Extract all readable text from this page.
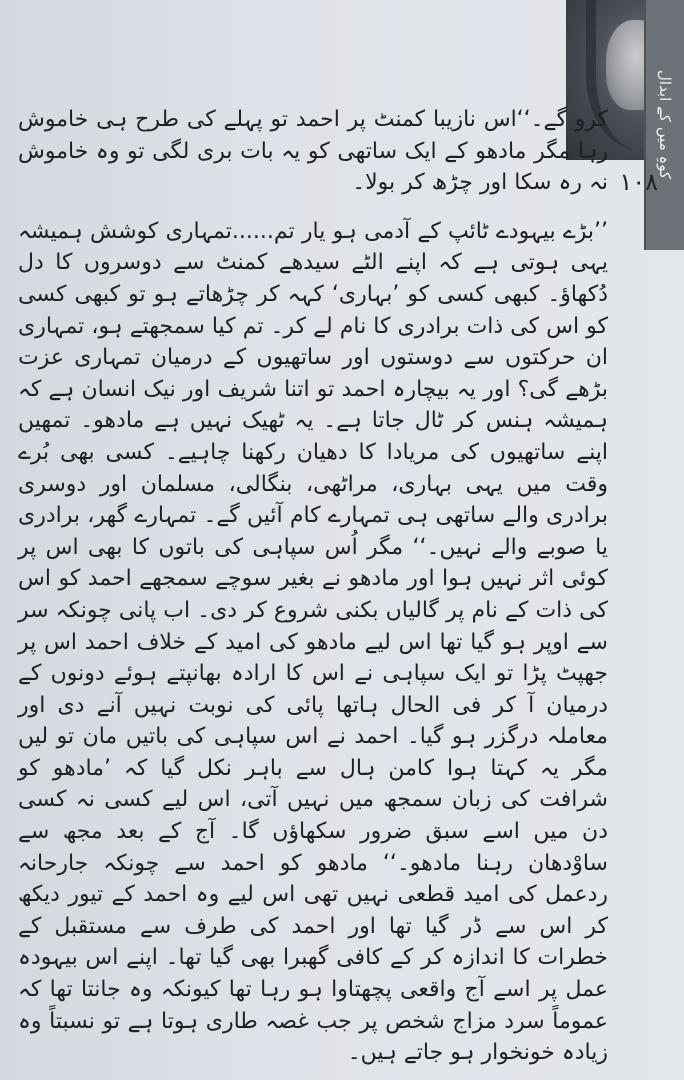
کوہِ میں کے ابدال
١٠٨

کرو گے۔‘‘اس نازیبا کمنٹ پر احمد تو پہلے کی طرح ہی خاموش رہا مگر مادھو کے ایک ساتھی کو یہ بات بری لگی تو وہ خاموش نہ رہ سکا اور چڑھ کر بولا۔

’’بڑے بیہودے ٹائپ کے آدمی ہو یار تم......تمہاری کوشش ہمیشہ یہی ہوتی ہے کہ اپنے الٹے سیدھے کمنٹ سے دوسروں کا دل دُکھاؤ۔ کبھی کسی کو ’بہاری‘ کہہ کر چڑھاتے ہو تو کبھی کسی کو اس کی ذات برادری کا نام لے کر۔ تم کیا سمجھتے ہو، تمہاری ان حرکتوں سے دوستوں اور ساتھیوں کے درمیان تمہاری عزت بڑھے گی؟ اور یہ بیچارہ احمد تو اتنا شریف اور نیک انسان ہے کہ ہمیشہ ہنس کر ٹال جاتا ہے۔ یہ ٹھیک نہیں ہے مادھو۔ تمھیں اپنے ساتھیوں کی مریادا کا دھیان رکھنا چاہیے۔ کسی بھی بُرے وقت میں یہی بہاری، مراٹھی، بنگالی، مسلمان اور دوسری برادری والے ساتھی ہی تمہارے کام آئیں گے۔ تمہارے گھر، برادری یا صوبے والے نہیں۔‘‘ مگر اُس سپاہی کی باتوں کا بھی اس پر کوئی اثر نہیں ہوا اور مادھو نے بغیر سوچے سمجھے احمد کو اس کی ذات کے نام پر گالیاں بکنی شروع کر دی۔ اب پانی چونکہ سر سے اوپر ہو گیا تھا اس لیے مادھو کی امید کے خلاف احمد اس پر جھپٹ پڑا تو ایک سپاہی نے اس کا ارادہ بھانپتے ہوئے دونوں کے درمیان آ کر فی الحال ہاتھا پائی کی نوبت نہیں آنے دی اور معاملہ درگزر ہو گیا۔ احمد نے اس سپاہی کی باتیں مان تو لیں مگر یہ کہتا ہوا کامن ہال سے باہر نکل گیا کہ ’مادھو کو شرافت کی زبان سمجھ میں نہیں آتی، اس لیے کسی نہ کسی دن میں اسے سبق ضرور سکھاؤں گا۔ آج کے بعد مجھ سے ساوْدھان رہنا مادھو۔‘‘ مادھو کو احمد سے چونکہ جارحانہ ردعمل کی امید قطعی نہیں تھی اس لیے وہ احمد کے تیور دیکھ کر اس سے ڈر گیا تھا اور احمد کی طرف سے مستقبل کے خطرات کا اندازہ کر کے کافی گھبرا بھی گیا تھا۔ اپنے اس بیہودہ عمل پر اسے آج واقعی پچھتاوا ہو رہا تھا کیونکہ وہ جانتا تھا کہ عموماً سرد مزاج شخص پر جب غصہ طاری ہوتا ہے تو نسبتاً وہ زیادہ خونخوار ہو جاتے ہیں۔
